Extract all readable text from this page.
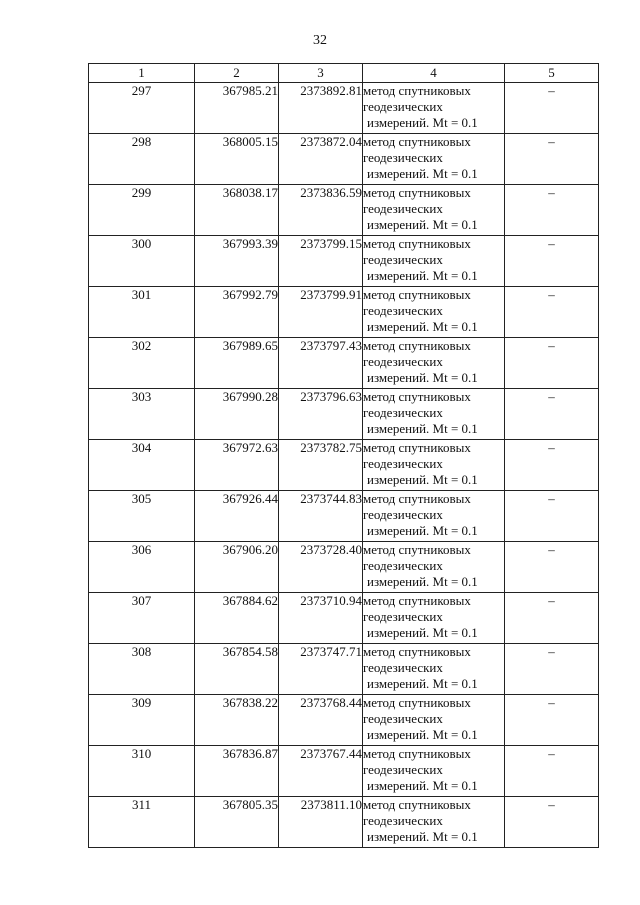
32
1	2	3	4	5
297	367985.21	2373892.81	метод спутниковых
геодезических
измерений. Mt = 0.1	–
298	368005.15	2373872.04	метод спутниковых
геодезических
измерений. Mt = 0.1	–
299	368038.17	2373836.59	метод спутниковых
геодезических
измерений. Mt = 0.1	–
300	367993.39	2373799.15	метод спутниковых
геодезических
измерений. Mt = 0.1	–
301	367992.79	2373799.91	метод спутниковых
геодезических
измерений. Mt = 0.1	–
302	367989.65	2373797.43	метод спутниковых
геодезических
измерений. Mt = 0.1	–
303	367990.28	2373796.63	метод спутниковых
геодезических
измерений. Mt = 0.1	–
304	367972.63	2373782.75	метод спутниковых
геодезических
измерений. Mt = 0.1	–
305	367926.44	2373744.83	метод спутниковых
геодезических
измерений. Mt = 0.1	–
306	367906.20	2373728.40	метод спутниковых
геодезических
измерений. Mt = 0.1	–
307	367884.62	2373710.94	метод спутниковых
геодезических
измерений. Mt = 0.1	–
308	367854.58	2373747.71	метод спутниковых
геодезических
измерений. Mt = 0.1	–
309	367838.22	2373768.44	метод спутниковых
геодезических
измерений. Mt = 0.1	–
310	367836.87	2373767.44	метод спутниковых
геодезических
измерений. Mt = 0.1	–
311	367805.35	2373811.10	метод спутниковых
геодезических
измерений. Mt = 0.1	–
